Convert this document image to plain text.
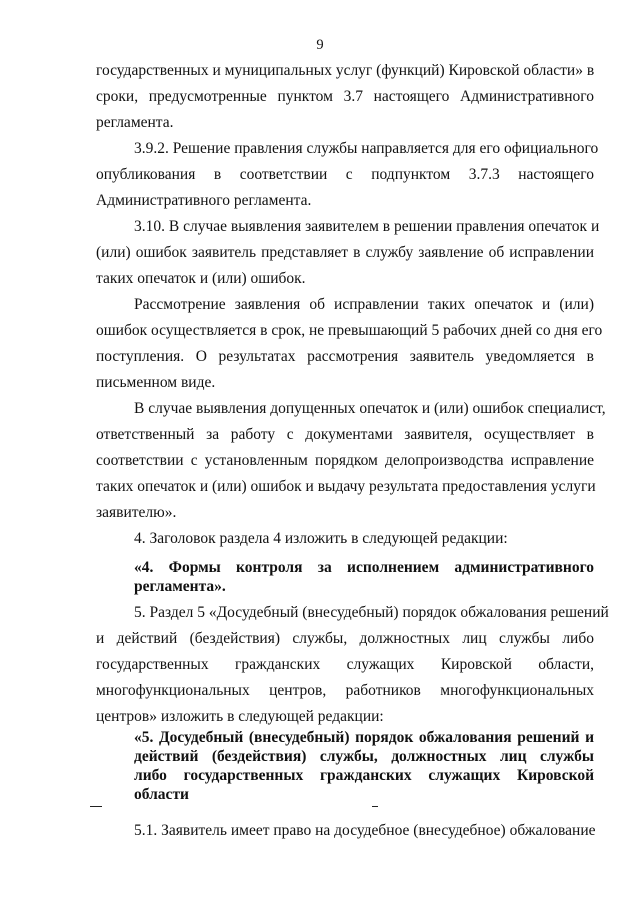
9
государственных и муниципальных услуг (функций) Кировской области» в
сроки, предусмотренные пунктом 3.7 настоящего Административного
регламента.
3.9.2. Решение правления службы направляется для его официального
опубликования в соответствии с подпунктом 3.7.3 настоящего
Административного регламента.
3.10. В случае выявления заявителем в решении правления опечаток и
(или) ошибок заявитель представляет в службу заявление об исправлении
таких опечаток и (или) ошибок.
Рассмотрение заявления об исправлении таких опечаток и (или)
ошибок осуществляется в срок, не превышающий 5 рабочих дней со дня его
поступления. О результатах рассмотрения заявитель уведомляется в
письменном виде.
В случае выявления допущенных опечаток и (или) ошибок специалист,
ответственный за работу с документами заявителя, осуществляет в
соответствии с установленным порядком делопроизводства исправление
таких опечаток и (или) ошибок и выдачу результата предоставления услуги
заявителю».
4. Заголовок раздела 4 изложить в следующей редакции:
«4. Формы контроля за исполнением административного
регламента».
5. Раздел 5 «Досудебный (внесудебный) порядок обжалования решений
и действий (бездействия) службы, должностных лиц службы либо
государственных гражданских служащих Кировской области,
многофункциональных центров, работников многофункциональных
центров» изложить в следующей редакции:
«5. Досудебный (внесудебный) порядок обжалования решений и
действий (бездействия) службы, должностных лиц службы
либо государственных гражданских служащих Кировской
области
5.1. Заявитель имеет право на досудебное (внесудебное) обжалование
